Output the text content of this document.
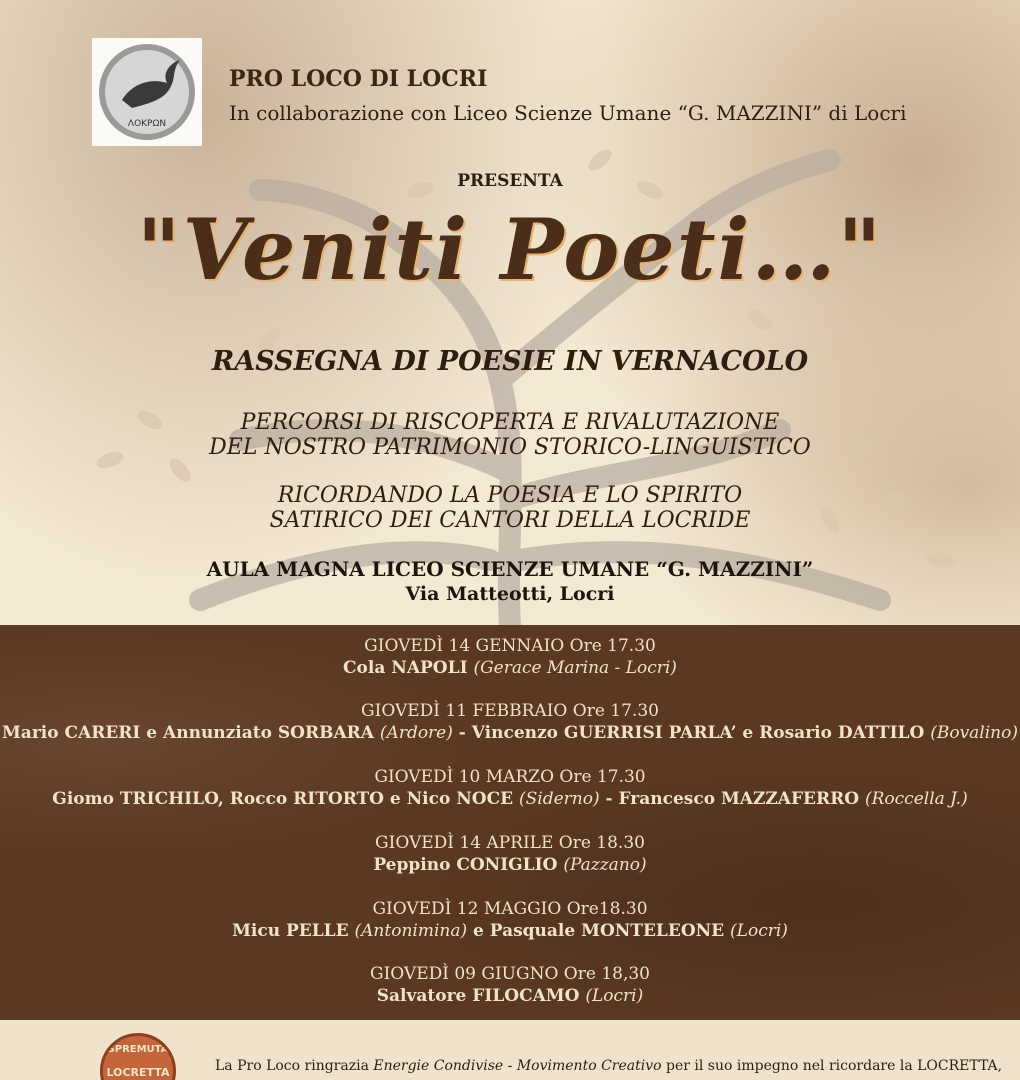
ΛΟΚΡΩΝ
PRO LOCO DI LOCRI
In collaborazione con Liceo Scienze Umane “G. MAZZINI” di Locri
PRESENTA
"Veniti Poeti…"
RASSEGNA DI POESIE IN VERNACOLO
PERCORSI DI RISCOPERTA E RIVALUTAZIONE
DEL NOSTRO PATRIMONIO STORICO-LINGUISTICO
RICORDANDO LA POESIA E LO SPIRITO
SATIRICO DEI CANTORI DELLA LOCRIDE
AULA MAGNA LICEO SCIENZE UMANE “G. MAZZINI”
Via Matteotti, Locri
GIOVEDÌ 14 GENNAIO Ore 17.30
Cola NAPOLI (Gerace Marina - Locri)
GIOVEDÌ 11 FEBBRAIO Ore 17.30
Mario CARERI e Annunziato SORBARA (Ardore) - Vincenzo GUERRISI PARLA’ e Rosario DATTILO (Bovalino)
GIOVEDÌ 10 MARZO Ore 17.30
Giomo TRICHILO, Rocco RITORTO e Nico NOCE (Siderno) - Francesco MAZZAFERRO (Roccella J.)
GIOVEDÌ 14 APRILE Ore 18.30
Peppino CONIGLIO (Pazzano)
GIOVEDÌ 12 MAGGIO Ore18.30
Micu PELLE (Antonimina) e Pasquale MONTELEONE (Locri)
GIOVEDÌ 09 GIUGNO Ore 18,30
Salvatore FILOCAMO (Locri)
SPREMUTA
LOCRETTA	La Pro Loco ringrazia Energie Condivise - Movimento Creativo per il suo impegno nel ricordare la LOCRETTA,
